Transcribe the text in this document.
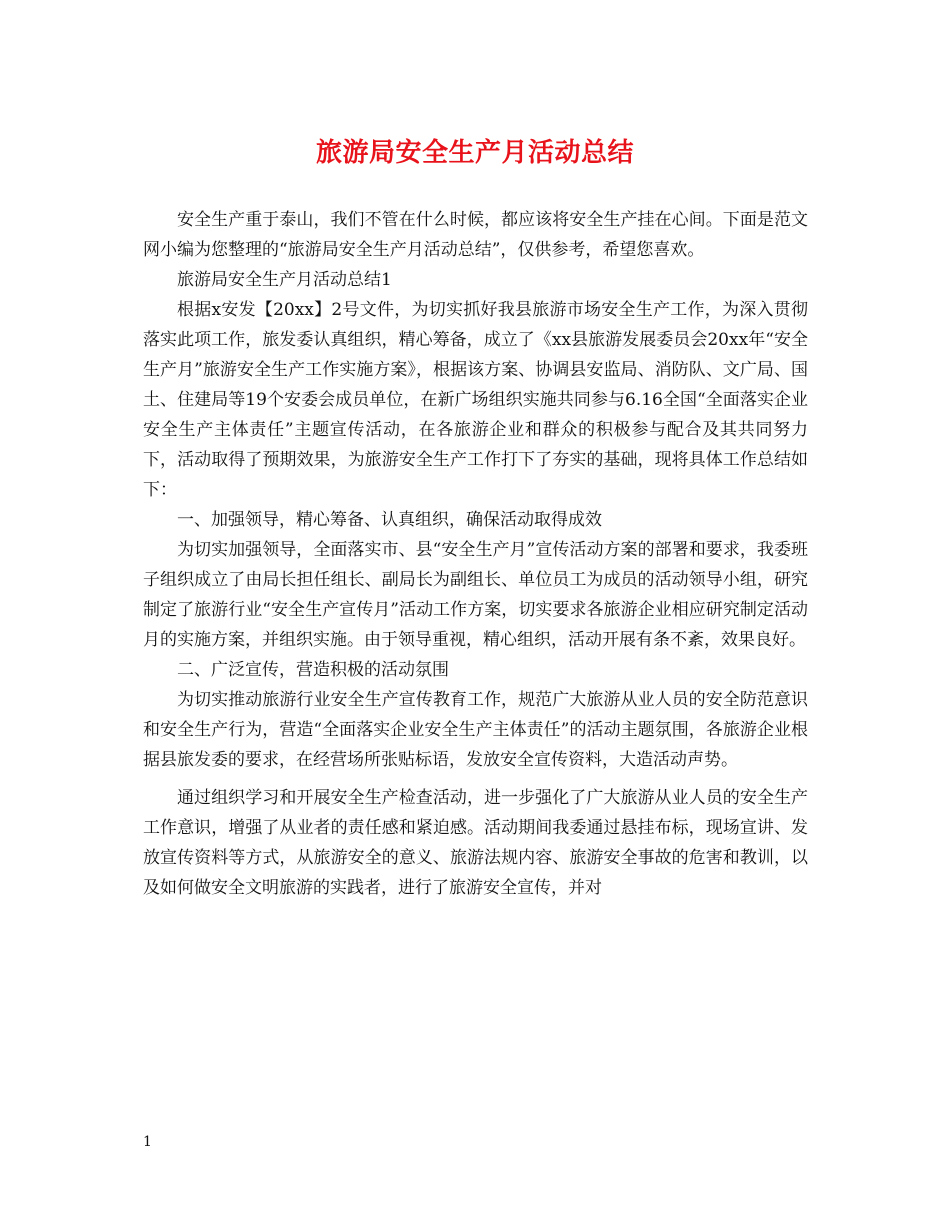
旅游局安全生产月活动总结

安全生产重于泰山，我们不管在什么时候，都应该将安全生产挂在心间。下面是范文网小编为您整理的“旅游局安全生产月活动总结”，仅供参考，希望您喜欢。

旅游局安全生产月活动总结1

根据x安发【20xx】2号文件，为切实抓好我县旅游市场安全生产工作，为深入贯彻落实此项工作，旅发委认真组织，精心筹备，成立了《xx县旅游发展委员会20xx年“安全生产月”旅游安全生产工作实施方案》，根据该方案、协调县安监局、消防队、文广局、国土、住建局等19个安委会成员单位，在新广场组织实施共同参与6.16全国“全面落实企业安全生产主体责任”主题宣传活动，在各旅游企业和群众的积极参与配合及其共同努力下，活动取得了预期效果，为旅游安全生产工作打下了夯实的基础，现将具体工作总结如下：

一、加强领导，精心筹备、认真组织，确保活动取得成效

为切实加强领导，全面落实市、县“安全生产月”宣传活动方案的部署和要求，我委班子组织成立了由局长担任组长、副局长为副组长、单位员工为成员的活动领导小组，研究制定了旅游行业“安全生产宣传月”活动工作方案，切实要求各旅游企业相应研究制定活动月的实施方案，并组织实施。由于领导重视，精心组织，活动开展有条不紊，效果良好。

二、广泛宣传，营造积极的活动氛围

为切实推动旅游行业安全生产宣传教育工作，规范广大旅游从业人员的安全防范意识和安全生产行为，营造“全面落实企业安全生产主体责任”的活动主题氛围，各旅游企业根据县旅发委的要求，在经营场所张贴标语，发放安全宣传资料，大造活动声势。

通过组织学习和开展安全生产检查活动，进一步强化了广大旅游从业人员的安全生产工作意识，增强了从业者的责任感和紧迫感。活动期间我委通过悬挂布标，现场宣讲、发放宣传资料等方式，从旅游安全的意义、旅游法规内容、旅游安全事故的危害和教训，以及如何做安全文明旅游的实践者，进行了旅游安全宣传，并对

1
